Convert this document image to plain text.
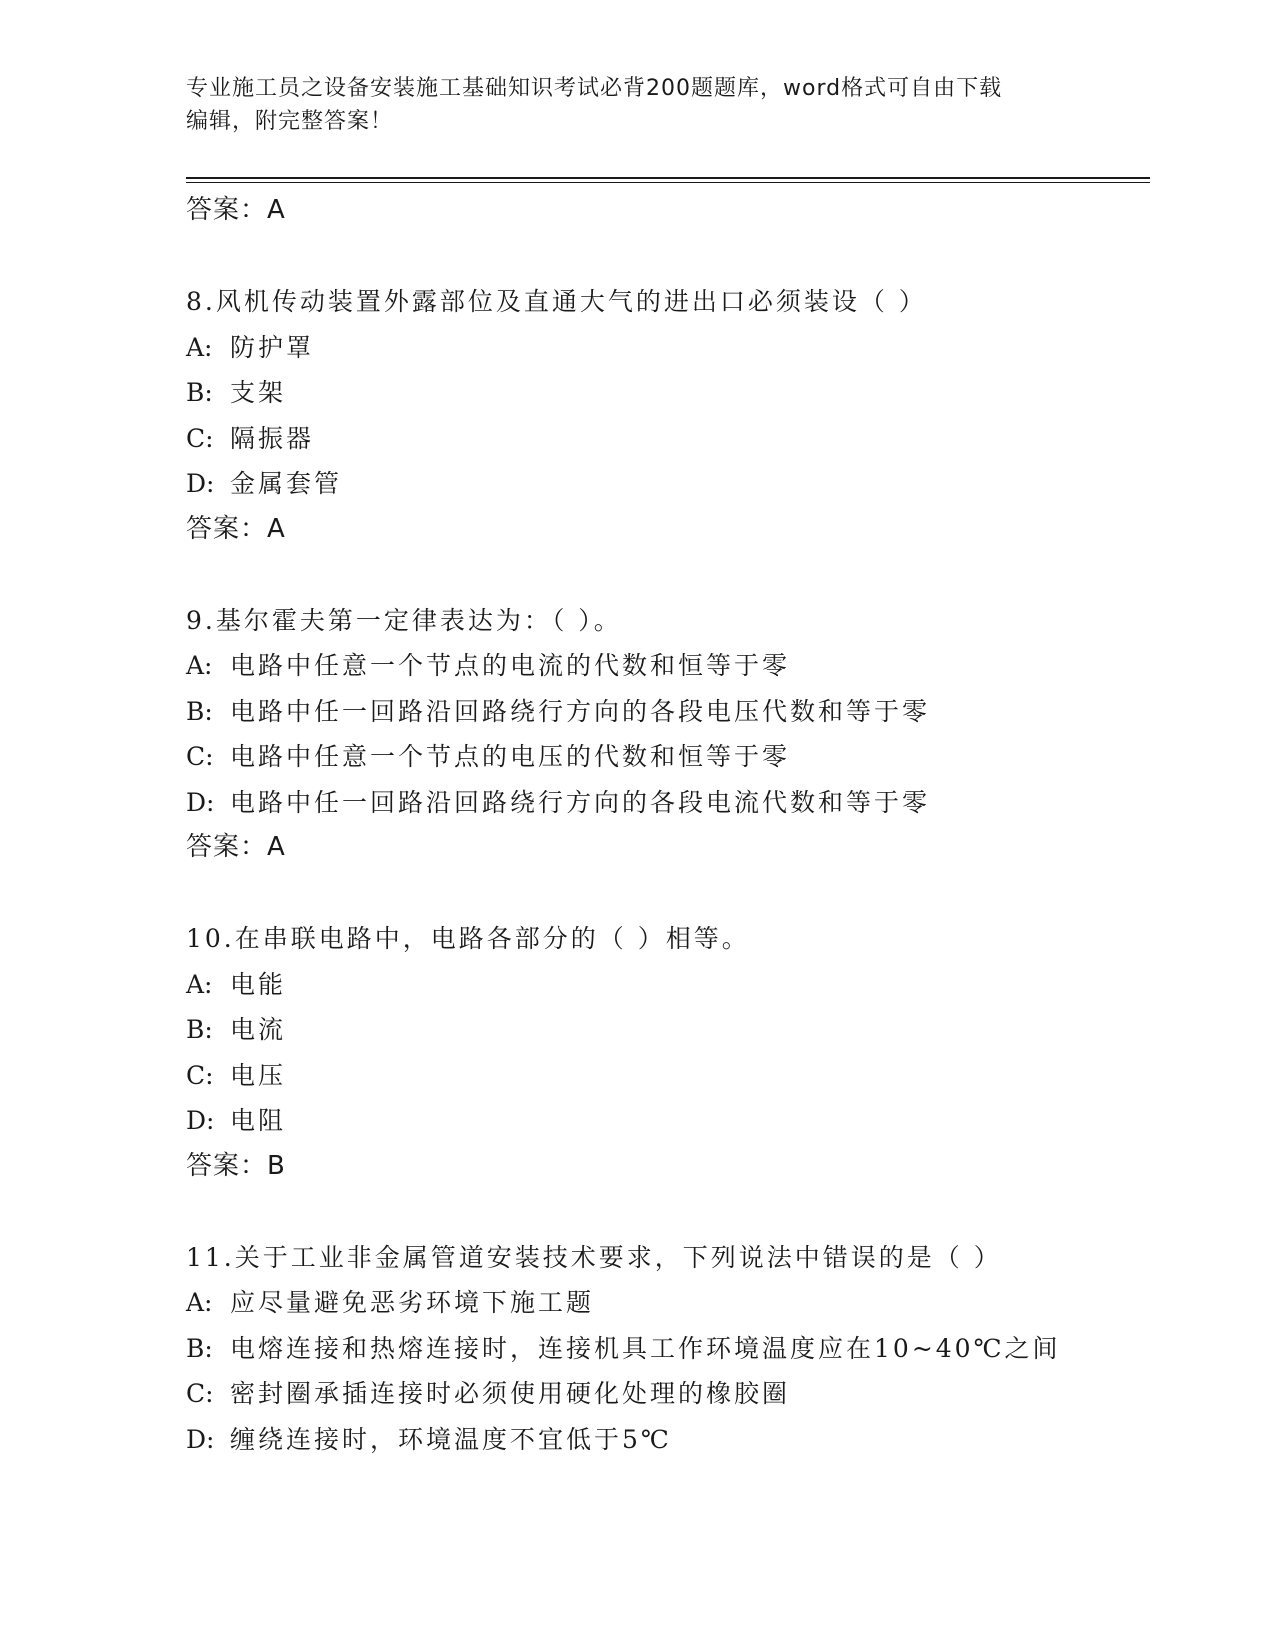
专业施工员之设备安装施工基础知识考试必背200题题库，word格式可自由下载
编辑，附完整答案！
答案：A
8.风机传动装置外露部位及直通大气的进出口必须装设（ ）
A: 防护罩
B: 支架
C: 隔振器
D: 金属套管
答案：A
9.基尔霍夫第一定律表达为：（ ）。
A: 电路中任意一个节点的电流的代数和恒等于零
B: 电路中任一回路沿回路绕行方向的各段电压代数和等于零
C: 电路中任意一个节点的电压的代数和恒等于零
D: 电路中任一回路沿回路绕行方向的各段电流代数和等于零
答案：A
10.在串联电路中，电路各部分的（ ）相等。
A: 电能
B: 电流
C: 电压
D: 电阻
答案：B
11.关于工业非金属管道安装技术要求，下列说法中错误的是（ ）
A: 应尽量避免恶劣环境下施工题
B: 电熔连接和热熔连接时，连接机具工作环境温度应在10~40℃之间
C: 密封圈承插连接时必须使用硬化处理的橡胶圈
D: 缠绕连接时，环境温度不宜低于5℃
